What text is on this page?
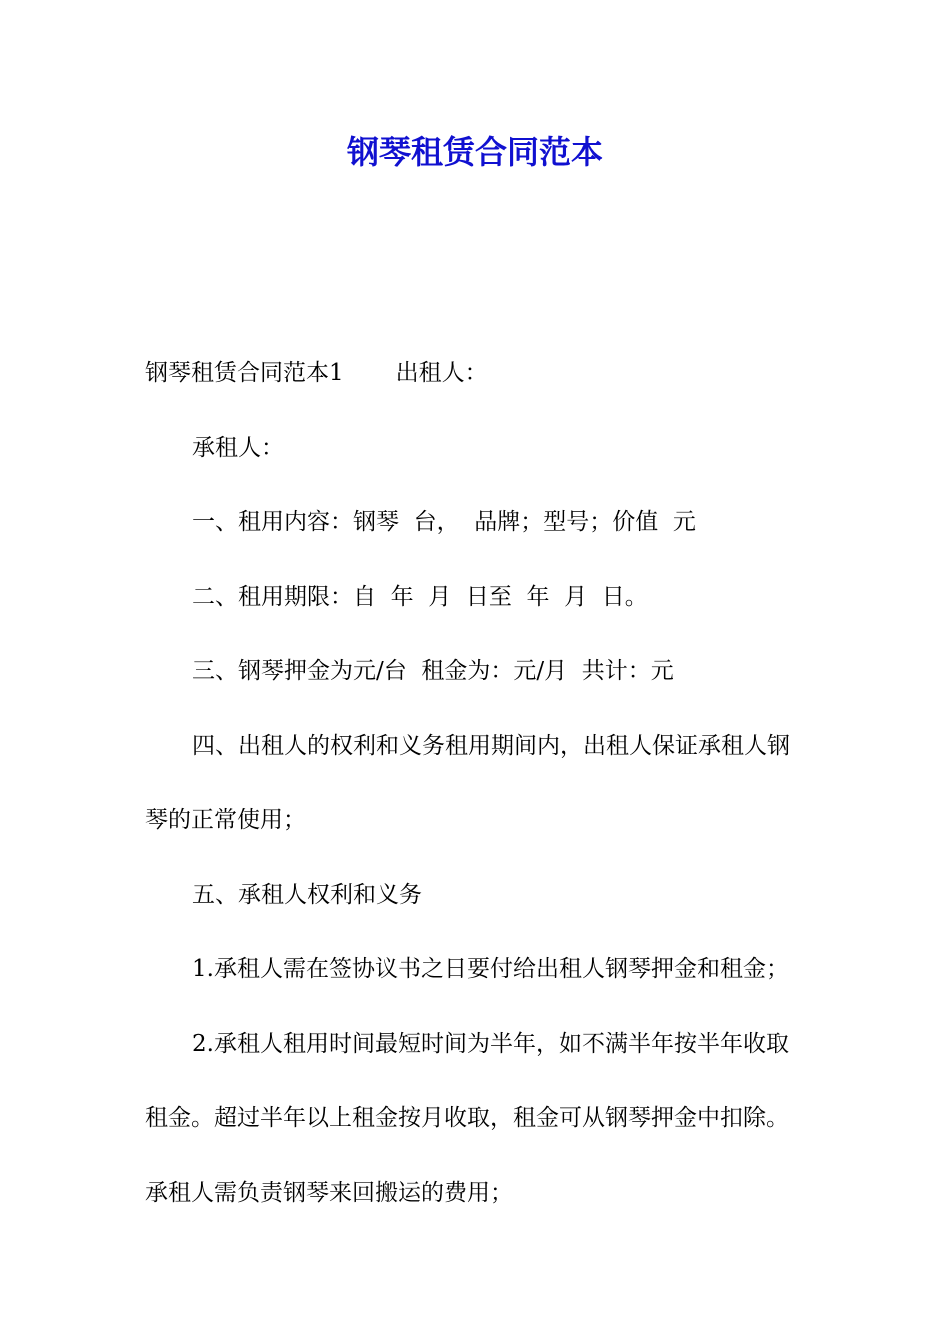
钢琴租赁合同范本

钢琴租赁合同范本1 出租人：

承租人：

一、租用内容：钢琴  台，  品牌；型号；价值  元

二、租用期限：自  年  月  日至  年  月  日。

三、钢琴押金为元/台  租金为：元/月  共计：元

四、出租人的权利和义务租用期间内，出租人保证承租人钢琴的正常使用；

五、承租人权利和义务

1.承租人需在签协议书之日要付给出租人钢琴押金和租金；

2.承租人租用时间最短时间为半年，如不满半年按半年收取租金。超过半年以上租金按月收取，租金可从钢琴押金中扣除。承租人需负责钢琴来回搬运的费用；
